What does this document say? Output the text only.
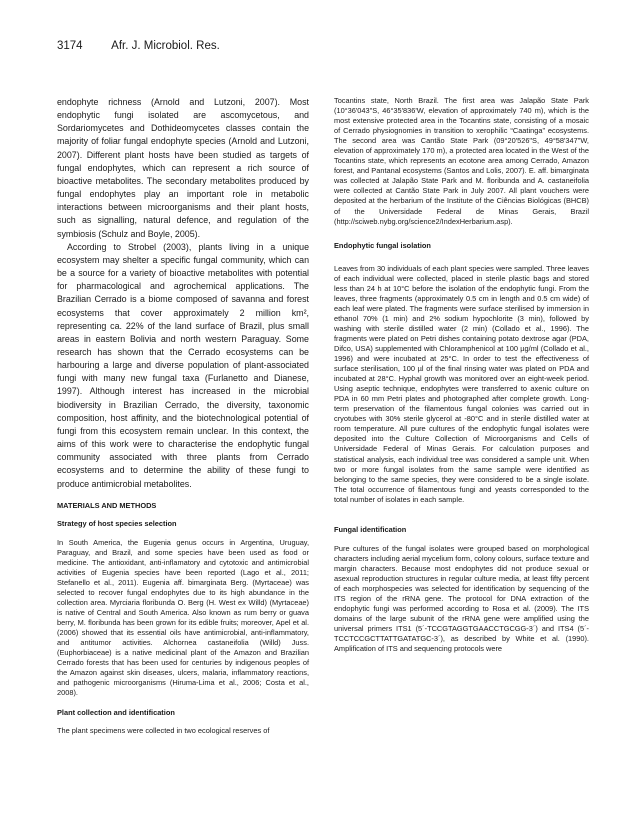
3174 Afr. J. Microbiol. Res.

endophyte richness (Arnold and Lutzoni, 2007). Most endophytic fungi isolated are ascomycetous, and Sordariomycetes and Dothideomycetes classes contain the majority of foliar fungal endophyte species (Arnold and Lutzoni, 2007). Different plant hosts have been studied as targets of fungal endophytes, which can represent a rich source of bioactive metabolites. The secondary metabolites produced by fungal endophytes play an important role in metabolic interactions between microorganisms and their plant hosts, such as signalling, natural defence, and regulation of the symbiosis (Schulz and Boyle, 2005).

According to Strobel (2003), plants living in a unique ecosystem may shelter a specific fungal community, which can be a source for a variety of bioactive metabolites with potential for pharmacological and agrochemical applications. The Brazilian Cerrado is a biome composed of savanna and forest ecosystems that cover approximately 2 million km², representing ca. 22% of the land surface of Brazil, plus small areas in eastern Bolivia and north western Paraguay. Some research has shown that the Cerrado ecosystems can be harbouring a large and diverse population of plant-associated fungi with many new fungal taxa (Furlanetto and Dianese, 1997). Although interest has increased in the microbial biodiversity in Brazilian Cerrado, the diversity, taxonomic composition, host affinity, and the biotechnological potential of fungi from this ecosystem remain unclear. In this context, the aims of this work were to characterise the endophytic fungal community associated with three plants from Cerrado ecosystems and to determine the ability of these fungi to produce antimicrobial metabolites.

MATERIALS AND METHODS

Strategy of host species selection

In South America, the Eugenia genus occurs in Argentina, Uruguay, Paraguay, and Brazil, and some species have been used as food or medicine. The antioxidant, anti-inflamatory and cytotoxic and antimicrobial activities of Eugenia species have been reported (Lago et al., 2011; Stefanello et al., 2011). Eugenia aff. bimarginata Berg. (Myrtaceae) was selected to recover fungal endophytes due to its high abundance in the collection area. Myrciaria floribunda O. Berg (H. West ex Willd) (Myrtaceae) is native of Central and South America. Also known as rum berry or guava berry, M. floribunda has been grown for its edible fruits; moreover, Apel et al. (2006) showed that its essential oils have antimicrobial, anti-inflammatory, and antitumor activities. Alchornea castaneifolia (Willd) Juss. (Euphorbiaceae) is a native medicinal plant of the Amazon and Brazilian Cerrado forests that has been used for centuries by indigenous peoples of the Amazon against skin diseases, ulcers, malaria, inflammatory reactions, and pathogenic microorganisms (Hiruma-Lima et al., 2006; Costa et al., 2008).

Plant collection and identification

The plant specimens were collected in two ecological reserves of

Tocantins state, North Brazil. The first area was Jalapão State Park (10°36'043"S, 46°35'836'W, elevation of approximately 740 m), which is the most extensive protected area in the Tocantins state, consisting of a mosaic of Cerrado physiognomies in transition to xerophilic “Caatinga” ecosystems. The second area was Cantão State Park (09°20'526"S, 49°58'347"W, elevation of approximately 170 m), a protected area located in the West of the Tocantins state, which represents an ecotone area among Cerrado, Amazon forest, and Pantanal ecosystems (Santos and Lolis, 2007). E. aff. bimarginata was collected at Jalapão State Park and M. floribunda and A. castaneifolia were collected at Cantão State Park in July 2007. All plant vouchers were deposited at the herbarium of the Institute of the Ciências Biológicas (BHCB) of the Universidade Federal de Minas Gerais, Brazil (http://sciweb.nybg.org/science2/IndexHerbarium.asp).

Endophytic fungal isolation

Leaves from 30 individuals of each plant species were sampled. Three leaves of each individual were collected, placed in sterile plastic bags and stored less than 24 h at 10°C before the isolation of the endophytic fungi. From the leaves, three fragments (approximately 0.5 cm in length and 0.5 cm wide) of each leaf were plated. The fragments were surface sterilised by immersion in ethanol 70% (1 min) and 2% sodium hypochlorite (3 min), followed by washing with sterile distilled water (2 min) (Collado et al., 1996). The fragments were plated on Petri dishes containing potato dextrose agar (PDA, Difco, USA) supplemented with Chloramphenicol at 100 µg/ml (Collado et al., 1996) and were incubated at 25°C. In order to test the effectiveness of surface sterilisation, 100 µl of the final rinsing water was plated on PDA and incubated at 28°C. Hyphal growth was monitored over an eight-week period. Using aseptic technique, endophytes were transferred to axenic culture on PDA in 60 mm Petri plates and photographed after complete growth. Long-term preservation of the filamentous fungal colonies was carried out in cryotubes with 30% sterile glycerol at -80°C and in sterile distilled water at room temperature. All pure cultures of the endophytic fungal isolates were deposited into the Culture Collection of Microorganisms and Cells of Universidade Federal of Minas Gerais. For calculation purposes and statistical analysis, each individual tree was considered a sample unit. When two or more fungal isolates from the same sample were identified as belonging to the same species, they were considered to be a single isolate. The total occurrence of filamentous fungi and yeasts corresponded to the total number of isolates in each sample.

Fungal identification

Pure cultures of the fungal isolates were grouped based on morphological characters including aerial mycelium form, colony colours, surface texture and margin characters. Because most endophytes did not produce sexual or asexual reproduction structures in regular culture media, at least fifty percent of each morphospecies was selected for identification by sequencing of the ITS region of the rRNA gene. The protocol for DNA extraction of the endophytic fungi was performed according to Rosa et al. (2009). The ITS domains of the large subunit of the rRNA gene were amplified using the universal primers ITS1 (5´-TCCGTAGGTGAACCTGCGG-3´) and ITS4 (5´-TCCTCCGCTTATTGATATGC-3´), as described by White et al. (1990). Amplification of ITS and sequencing protocols were
